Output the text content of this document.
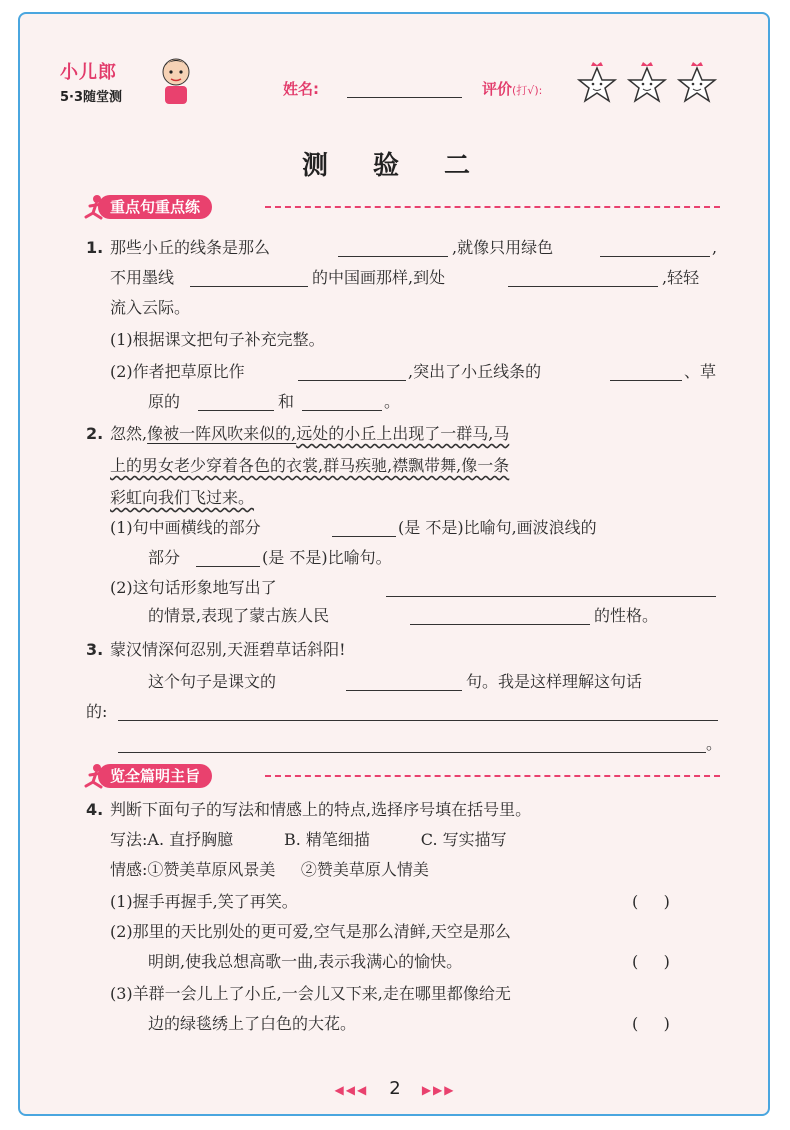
小儿郎
5·3随堂测	姓名:	评价(打√):
测 验 二
重点句重点练
1. 那些小丘的线条是那么	,就像只用绿色	,
不用墨线	的中国画那样,到处	,轻轻
流入云际。
(1)根据课文把句子补充完整。
(2)作者把草原比作	,突出了小丘线条的	、草
原的	和	。
2. 忽然,像被一阵风吹来似的,远处的小丘上出现了一群马,马
上的男女老少穿着各色的衣裳,群马疾驰,襟飘带舞,像一条
彩虹向我们飞过来。
(1)句中画横线的部分	(是 不是)比喻句,画波浪线的
部分	(是 不是)比喻句。
(2)这句话形象地写出了
的情景,表现了蒙古族人民	的性格。
3. 蒙汉情深何忍别,天涯碧草话斜阳!
这个句子是课文的	句。我是这样理解这句话
的:
。
览全篇明主旨
4. 判断下面句子的写法和情感上的特点,选择序号填在括号里。
写法:A. 直抒胸臆          B. 精笔细描          C. 写实描写
情感:①赞美草原风景美     ②赞美草原人情美
(1)握手再握手,笑了再笑。	(     )
(2)那里的天比别处的更可爱,空气是那么清鲜,天空是那么
明朗,使我总想高歌一曲,表示我满心的愉快。	(     )
(3)羊群一会儿上了小丘,一会儿又下来,走在哪里都像给无
边的绿毯绣上了白色的大花。	(     )
◀◀◀ 2 ▶▶▶
